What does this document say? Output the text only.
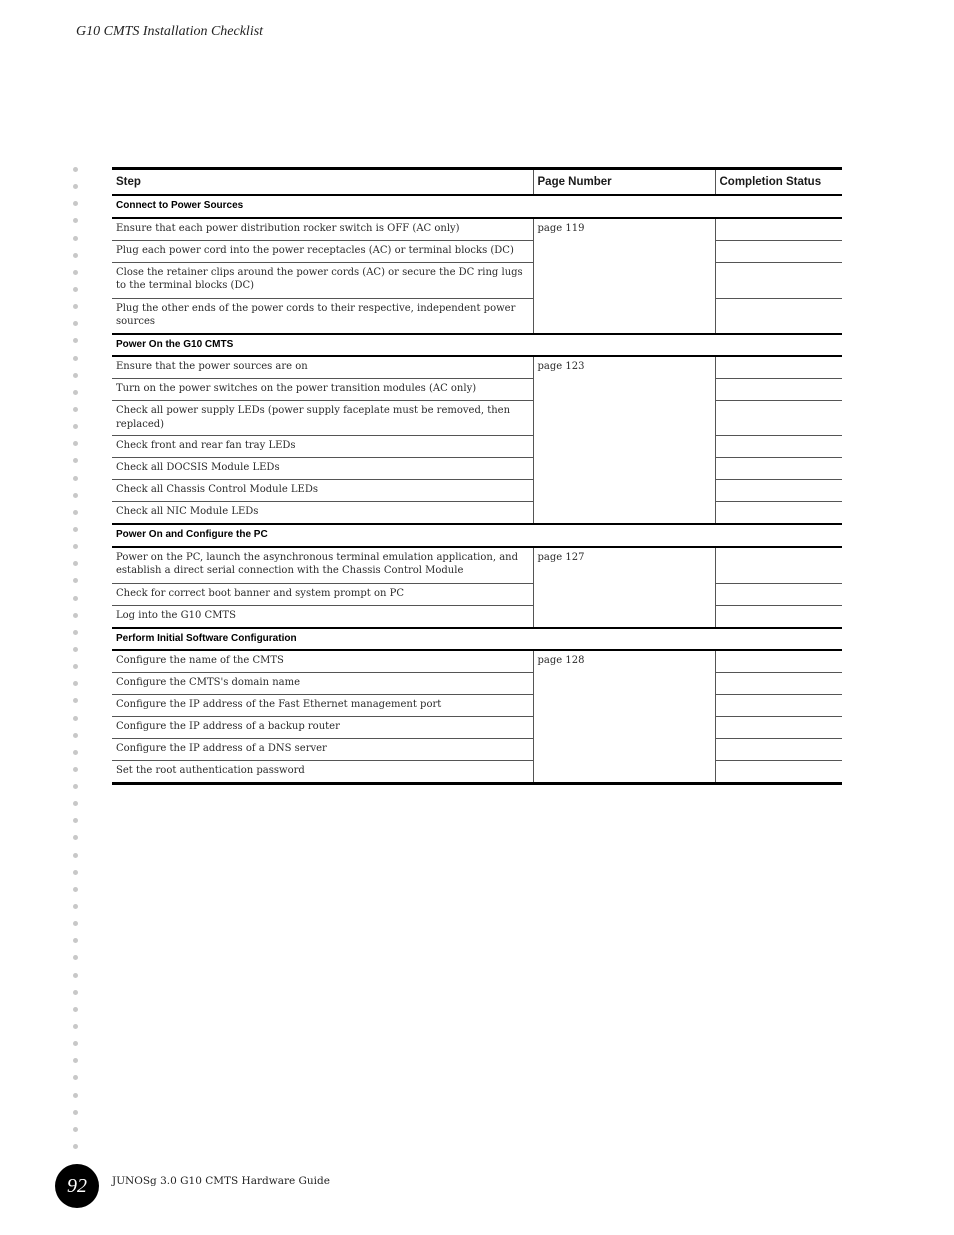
G10 CMTS Installation Checklist
Step	Page Number	Completion Status
Connect to Power Sources		
Ensure that each power distribution rocker switch is OFF (AC only)	page 119	
Plug each power cord into the power receptacles (AC) or terminal blocks (DC)		
Close the retainer clips around the power cords (AC) or secure the DC ring lugs to the terminal blocks (DC)		
Plug the other ends of the power cords to their respective, independent power sources		
Power On the G10 CMTS		
Ensure that the power sources are on	page 123	
Turn on the power switches on the power transition modules (AC only)		
Check all power supply LEDs (power supply faceplate must be removed, then replaced)		
Check front and rear fan tray LEDs		
Check all DOCSIS Module LEDs		
Check all Chassis Control Module LEDs		
Check all NIC Module LEDs		
Power On and Configure the PC		
Power on the PC, launch the asynchronous terminal emulation application, and establish a direct serial connection with the Chassis Control Module	page 127	
Check for correct boot banner and system prompt on PC		
Log into the G10 CMTS		
Perform Initial Software Configuration		
Configure the name of the CMTS	page 128	
Configure the CMTS's domain name		
Configure the IP address of the Fast Ethernet management port		
Configure the IP address of a backup router		
Configure the IP address of a DNS server		
Set the root authentication password		
92	JUNOSg 3.0 G10 CMTS Hardware Guide
